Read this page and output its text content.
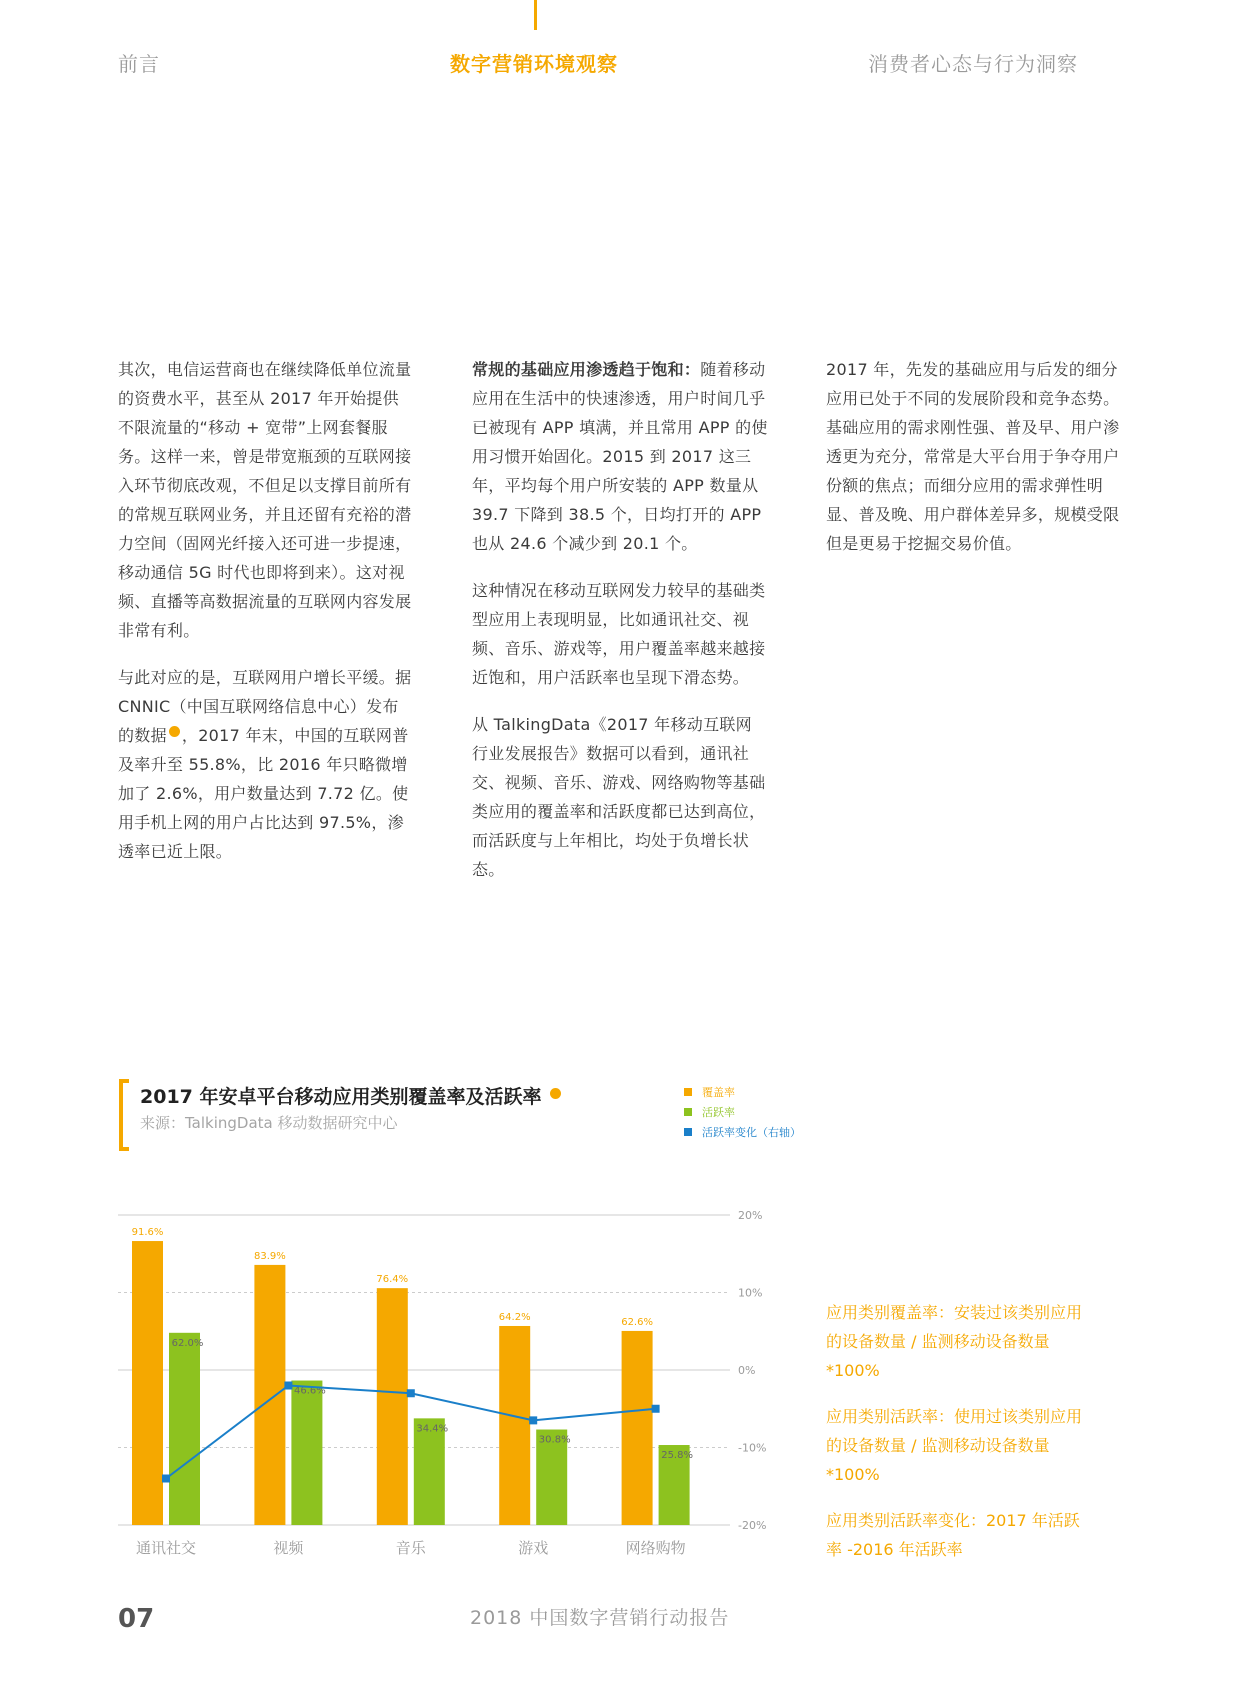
前言	数字营销环境观察	消费者心态与行为洞察

其次，电信运营商也在继续降低单位流量的资费水平，甚至从 2017 年开始提供不限流量的“移动 + 宽带”上网套餐服务。这样一来，曾是带宽瓶颈的互联网接入环节彻底改观，不但足以支撑目前所有的常规互联网业务，并且还留有充裕的潜力空间（固网光纤接入还可进一步提速，移动通信 5G 时代也即将到来）。这对视频、直播等高数据流量的互联网内容发展非常有利。

与此对应的是，互联网用户增长平缓。据 CNNIC（中国互联网络信息中心）发布的数据 ，2017 年末，中国的互联网普及率升至 55.8%，比 2016 年只略微增加了 2.6%，用户数量达到 7.72 亿。使用手机上网的用户占比达到 97.5%，渗透率已近上限。

常规的基础应用渗透趋于饱和：随着移动应用在生活中的快速渗透，用户时间几乎已被现有 APP 填满，并且常用 APP 的使用习惯开始固化。2015 到 2017 这三年，平均每个用户所安装的 APP 数量从 39.7 下降到 38.5 个，日均打开的 APP 也从 24.6 个减少到 20.1 个。

这种情况在移动互联网发力较早的基础类型应用上表现明显，比如通讯社交、视频、音乐、游戏等，用户覆盖率越来越接近饱和，用户活跃率也呈现下滑态势。

从 TalkingData《2017 年移动互联网行业发展报告》数据可以看到，通讯社交、视频、音乐、游戏、网络购物等基础类应用的覆盖率和活跃度都已达到高位，而活跃度与上年相比，均处于负增长状态。

2017 年，先发的基础应用与后发的细分应用已处于不同的发展阶段和竞争态势。基础应用的需求刚性强、普及早、用户渗透更为充分，常常是大平台用于争夺用户份额的焦点；而细分应用的需求弹性明显、普及晚、用户群体差异多，规模受限但是更易于挖掘交易价值。

2017 年安卓平台移动应用类别覆盖率及活跃率
来源：TalkingData 移动数据研究中心
覆盖率
活跃率
活跃率变化（右轴）
20%
10%
0%
-10%
-20%
91.6%
62.0%
通讯社交
83.9%
46.6%
视频
76.4%
34.4%
音乐
64.2%
30.8%
游戏
62.6%
25.8%
网络购物

应用类别覆盖率：安装过该类别应用的设备数量 / 监测移动设备数量 *100%

应用类别活跃率：使用过该类别应用的设备数量 / 监测移动设备数量 *100%

应用类别活跃率变化：2017 年活跃率 -2016 年活跃率

07	2018 中国数字营销行动报告
